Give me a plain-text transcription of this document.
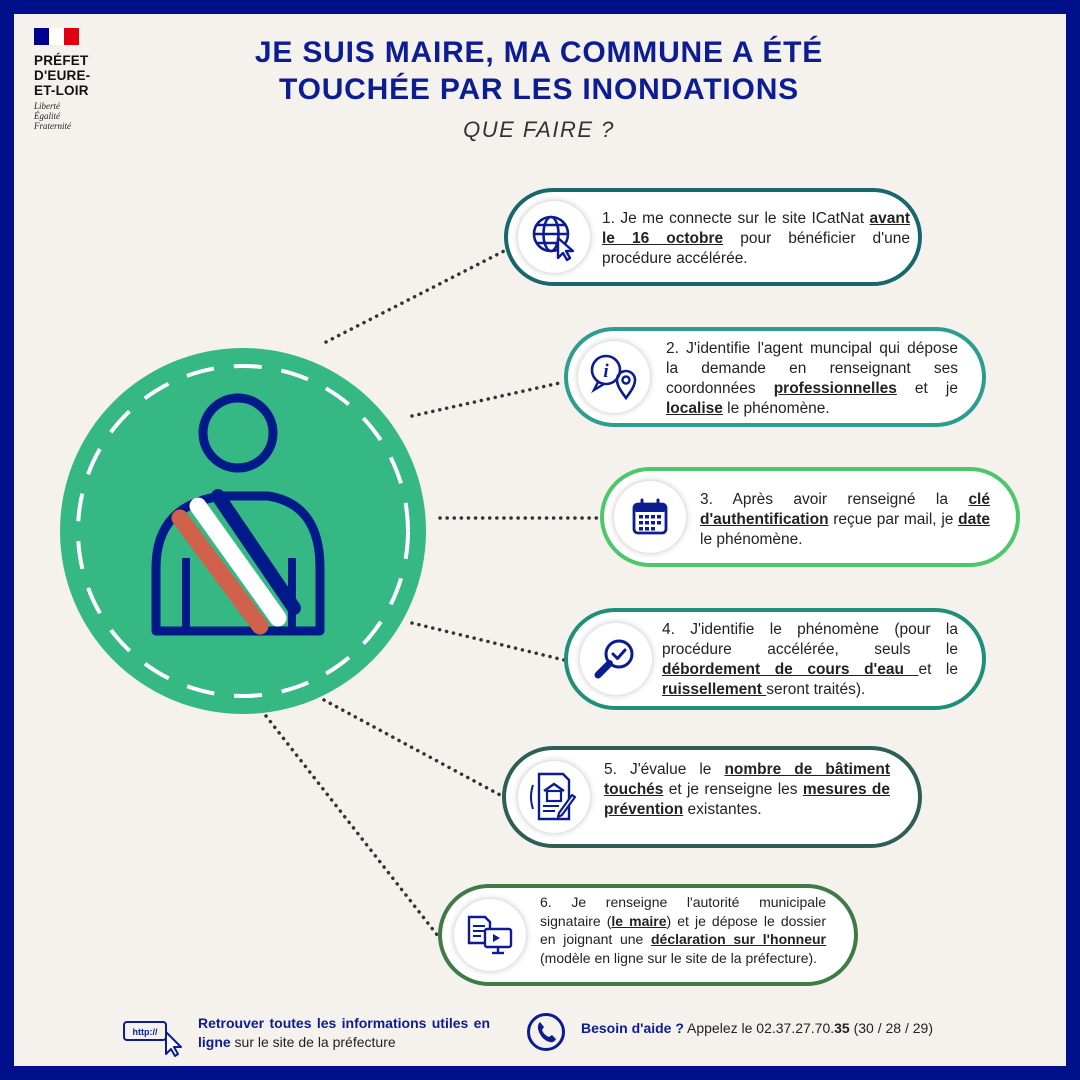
PRÉFET
D'EURE-
ET-LOIR
Liberté
Égalité
Fraternité
JE SUIS MAIRE, MA COMMUNE A ÉTÉ
TOUCHÉE PAR LES INONDATIONS
QUE FAIRE ?
1. Je me connecte sur le site ICatNat avant le 16 octobre pour bénéficier d'une procédure accélérée.
i
2. J'identifie l'agent muncipal qui dépose la demande en renseignant ses coordonnées professionnelles et je localise le phénomène.
3. Après avoir renseigné la clé d'authentification reçue par mail, je date le phénomène.
4. J'identifie le phénomène (pour la procédure accélérée, seuls le débordement de cours d'eau et le ruissellement seront traités).
5. J'évalue le nombre de bâtiment touchés et je renseigne les mesures de prévention existantes.
6. Je renseigne l'autorité municipale signataire (le maire) et je dépose le dossier en joignant une déclaration sur l'honneur (modèle en ligne sur le site de la préfecture).
http://
Retrouver toutes les informations utiles en ligne sur le site de la préfecture
Besoin d'aide ? Appelez le 02.37.27.70.35 (30 / 28 / 29)
